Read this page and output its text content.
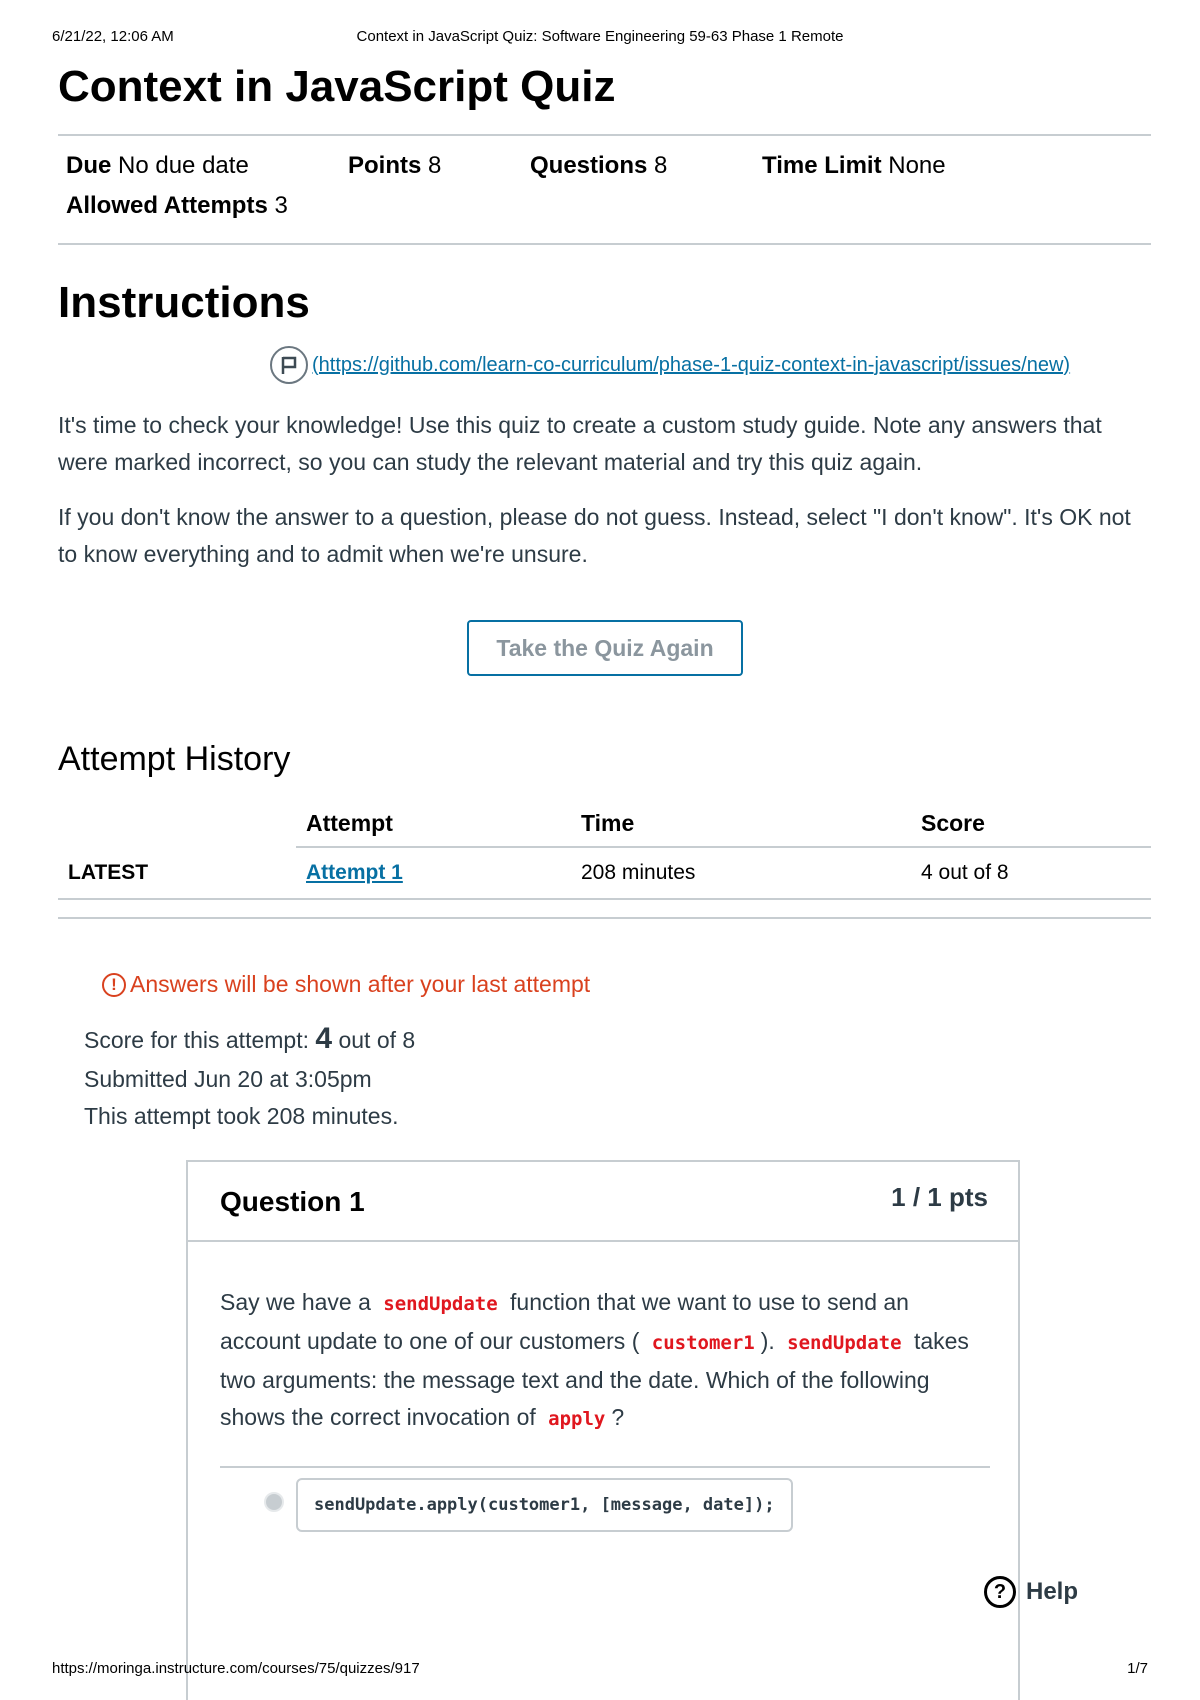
6/21/22, 12:06 AM	Context in JavaScript Quiz: Software Engineering 59-63 Phase 1 Remote
Context in JavaScript Quiz
Due No due date	Points 8	Questions 8	Time Limit None
Allowed Attempts 3
Instructions
(https://github.com/learn-co-curriculum/phase-1-quiz-context-in-javascript/issues/new)

It's time to check your knowledge! Use this quiz to create a custom study guide. Note any answers that were marked incorrect, so you can study the relevant material and try this quiz again.

If you don't know the answer to a question, please do not guess. Instead, select "I don't know". It's OK not to know everything and to admit when we're unsure.

Take the Quiz Again
Attempt History
	Attempt	Time	Score
LATEST	Attempt 1	208 minutes	4 out of 8
! Answers will be shown after your last attempt
Score for this attempt: 4 out of 8
Submitted Jun 20 at 3:05pm
This attempt took 208 minutes.
Question 1	1 / 1 pts
Say we have a sendUpdate function that we want to use to send an account update to one of our customers ( customer1 ). sendUpdate takes two arguments: the message text and the date. Which of the following shows the correct invocation of apply ?
sendUpdate.apply(customer1, [message, date]);
? Help
https://moringa.instructure.com/courses/75/quizzes/917	1/7
